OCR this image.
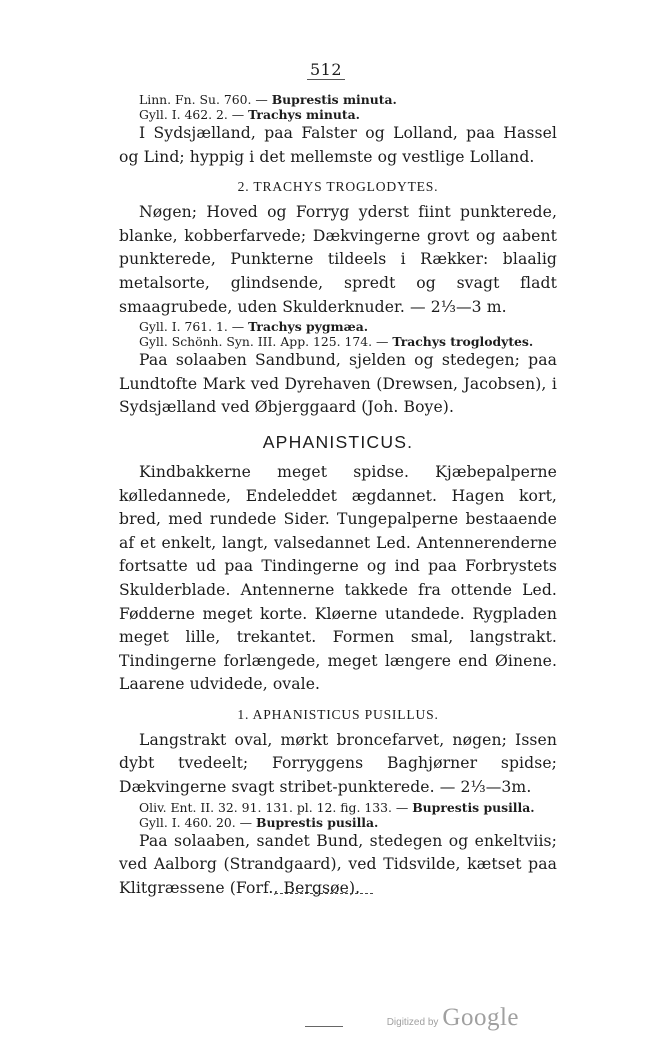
512

Linn. Fn. Su. 760. — Buprestis minuta.

Gyll. I. 462. 2. — Trachys minuta.

I Sydsjælland, paa Falster og Lolland, paa Hassel og Lind; hyppig i det mellemste og vestlige Lolland.

2. TRACHYS TROGLODYTES.

Nøgen; Hoved og Forryg yderst fiint punkterede, blanke, kobberfarvede; Dækvingerne grovt og aabent punkterede, Punkterne tildeels i Rækker: blaalig metalsorte, glindsende, spredt og svagt fladt smaagrubede, uden Skulderknuder. — 2⅓—3 m.

Gyll. I. 761. 1. — Trachys pygmæa.

Gyll. Schönh. Syn. III. App. 125. 174. — Trachys troglodytes.

Paa solaaben Sandbund, sjelden og stedegen; paa Lundtofte Mark ved Dyrehaven (Drewsen, Jacobsen), i Sydsjælland ved Øbjerggaard (Joh. Boye).

APHANISTICUS.

Kindbakkerne meget spidse. Kjæbepalperne kølledannede, Endeleddet ægdannet. Hagen kort, bred, med rundede Sider. Tungepalperne bestaaende af et enkelt, langt, valsedannet Led. Antennerenderne fortsatte ud paa Tindingerne og ind paa Forbrystets Skulderblade. Antennerne takkede fra ottende Led. Fødderne meget korte. Kløerne utandede. Rygpladen meget lille, trekantet. Formen smal, langstrakt. Tindingerne forlængede, meget længere end Øinene. Laarene udvidede, ovale.

1. APHANISTICUS PUSILLUS.

Langstrakt oval, mørkt broncefarvet, nøgen; Issen dybt tvedeelt; Forryggens Baghjørner spidse; Dækvingerne svagt stribet-punkterede. — 2⅓—3m.

Oliv. Ent. II. 32. 91. 131. pl. 12. fig. 133. — Buprestis pusilla.

Gyll. I. 460. 20. — Buprestis pusilla.

Paa solaaben, sandet Bund, stedegen og enkeltviis; ved Aalborg (Strandgaard), ved Tidsvilde, kætset paa Klitgræssene (Forf., Bergsøe).

Digitized by Google
